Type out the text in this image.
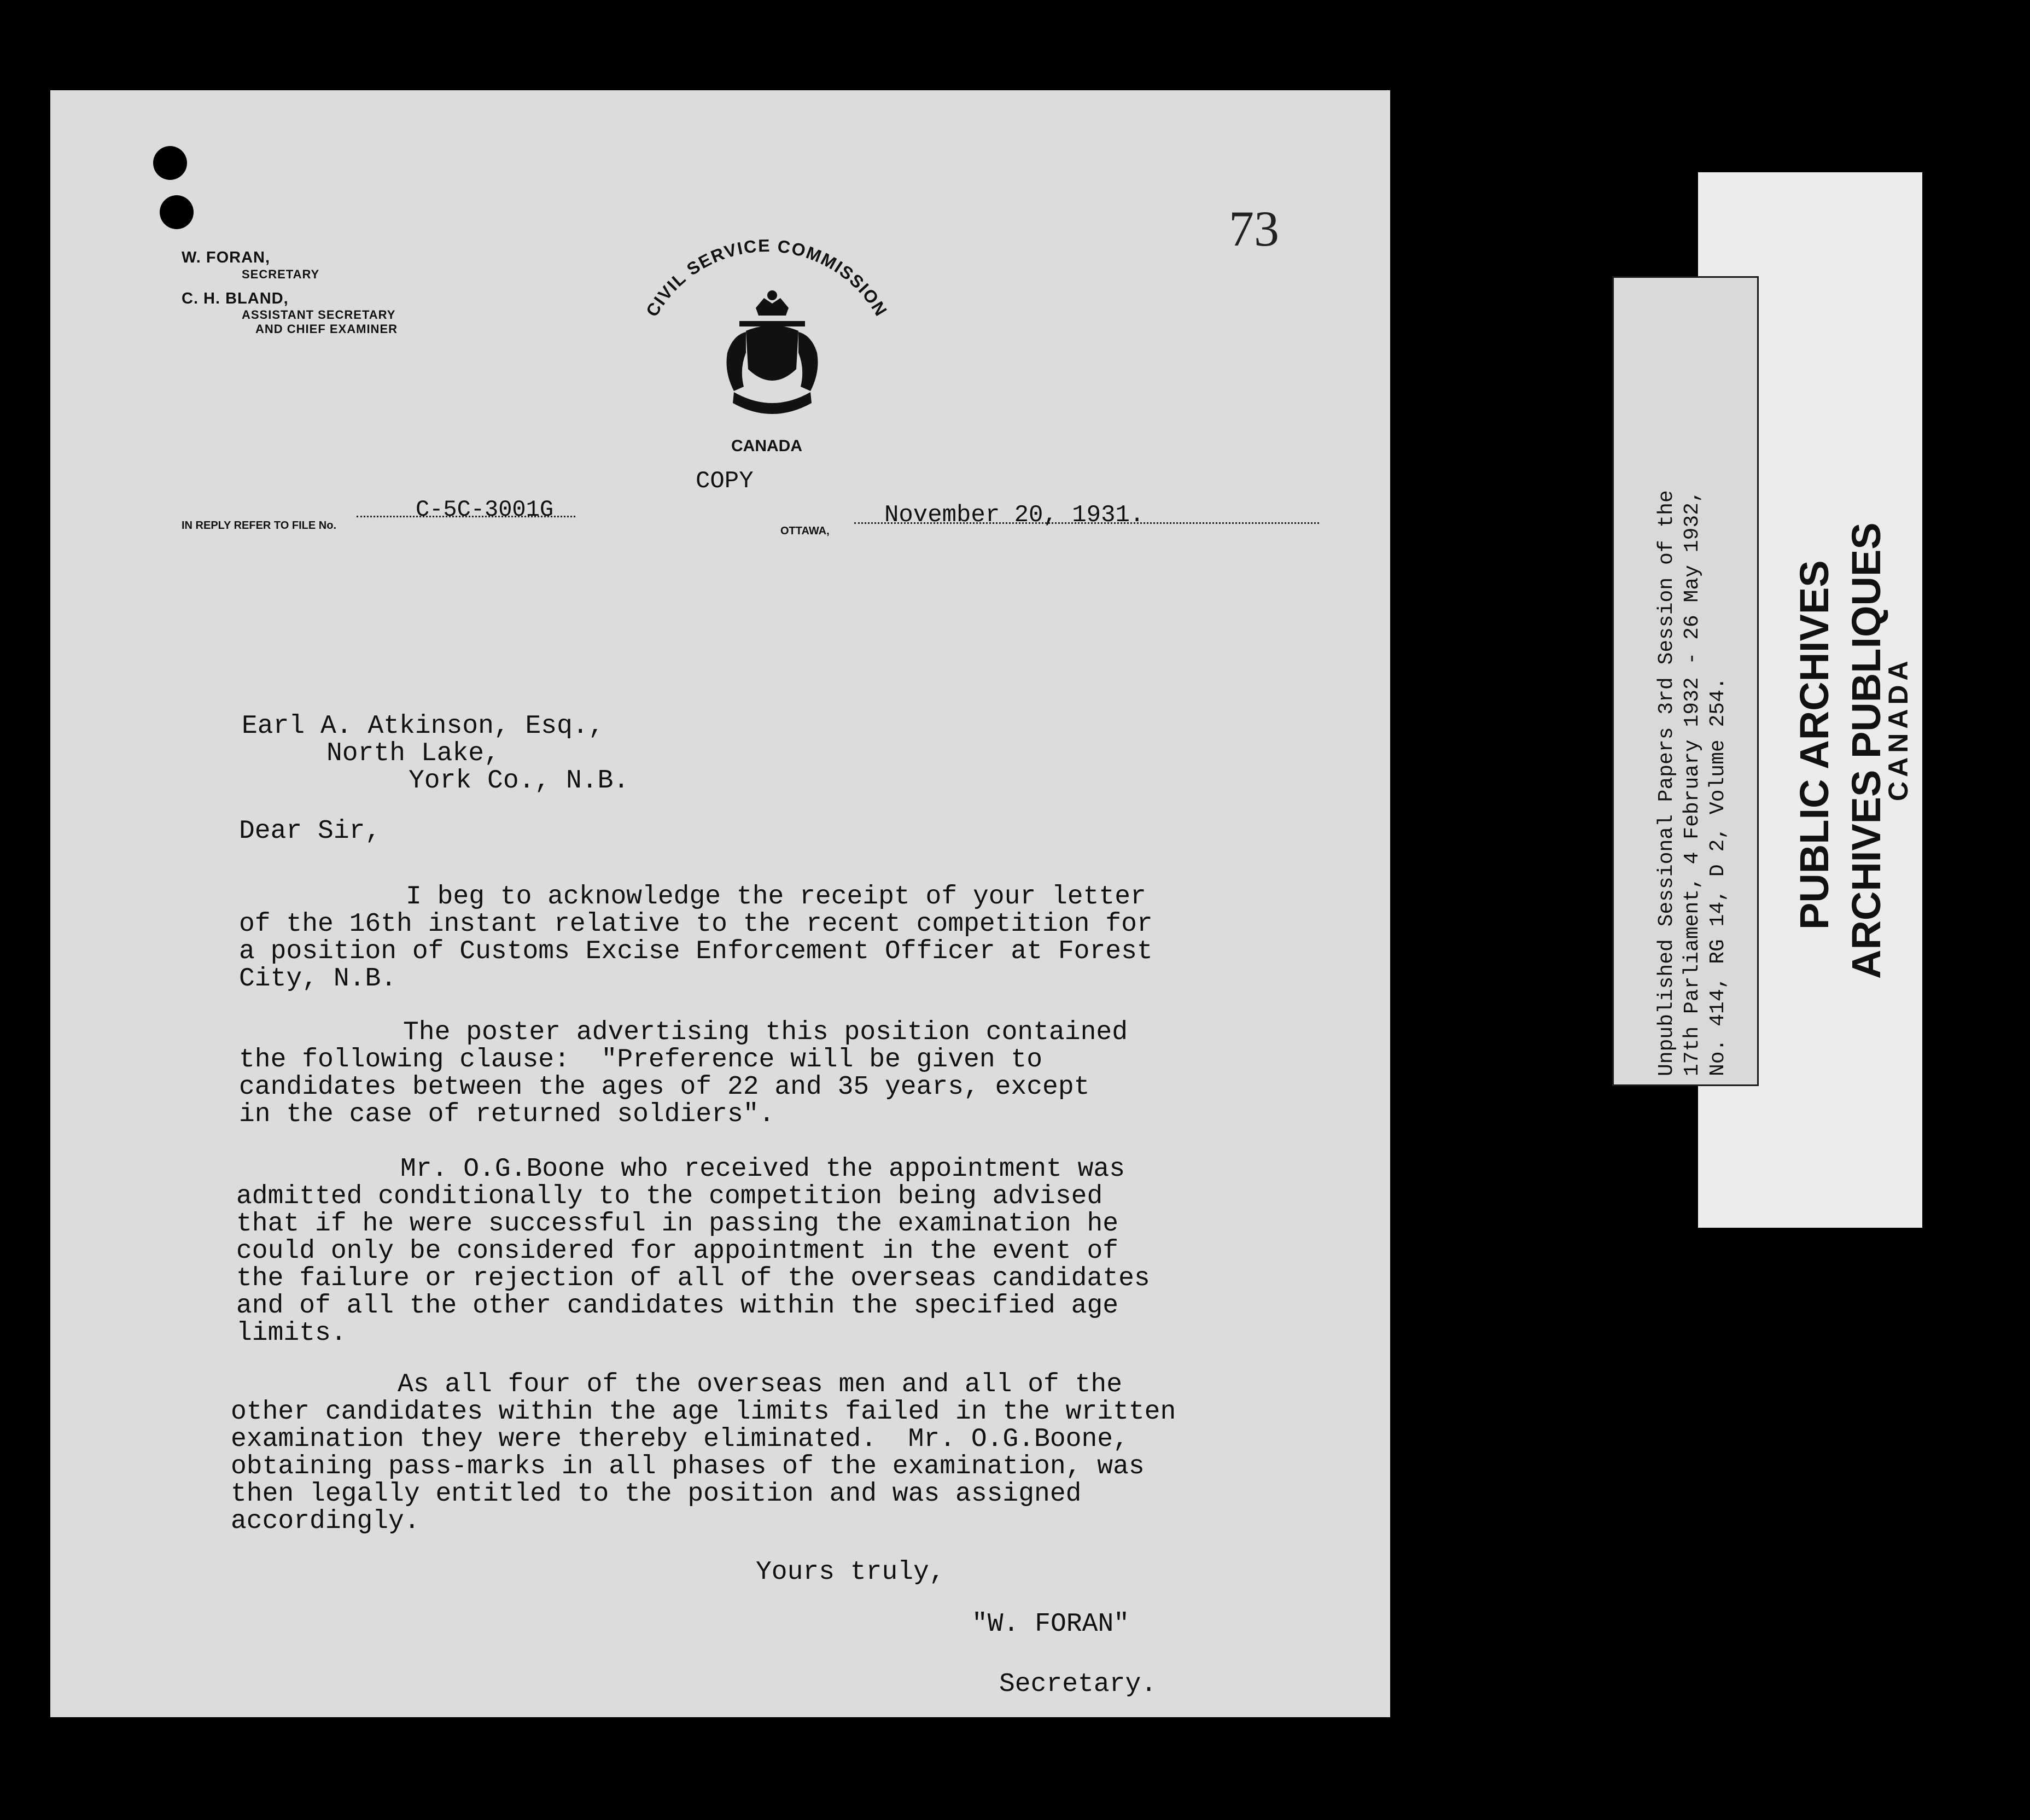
73
W. FORAN,
SECRETARY
C. H. BLAND,
ASSISTANT SECRETARY
AND CHIEF EXAMINER
CIVIL SERVICE COMMISSION
CANADA
COPY
IN REPLY REFER TO FILE No.
C-5C-3001G
OTTAWA,
November 20, 1931.
Earl A. Atkinson, Esq.,
North Lake,
York Co., N.B.
Dear Sir,
I beg to acknowledge the receipt of your letter
of the 16th instant relative to the recent competition for
a position of Customs Excise Enforcement Officer at Forest
City, N.B.
The poster advertising this position contained
the following clause:  "Preference will be given to
candidates between the ages of 22 and 35 years, except
in the case of returned soldiers".
Mr. O.G.Boone who received the appointment was
admitted conditionally to the competition being advised
that if he were successful in passing the examination he
could only be considered for appointment in the event of
the failure or rejection of all of the overseas candidates
and of all the other candidates within the specified age
limits.
As all four of the overseas men and all of the
other candidates within the age limits failed in the written
examination they were thereby eliminated.  Mr. O.G.Boone,
obtaining pass-marks in all phases of the examination, was
then legally entitled to the position and was assigned
accordingly.
Yours truly,
"W. FORAN"
Secretary.
PUBLIC ARCHIVES ARCHIVES PUBLIQUES
CANADA
Unpublished Sessional Papers 3rd Session of the 17th Parliament, 4 February 1932 - 26 May 1932, No. 414, RG 14, D 2, Volume 254.
